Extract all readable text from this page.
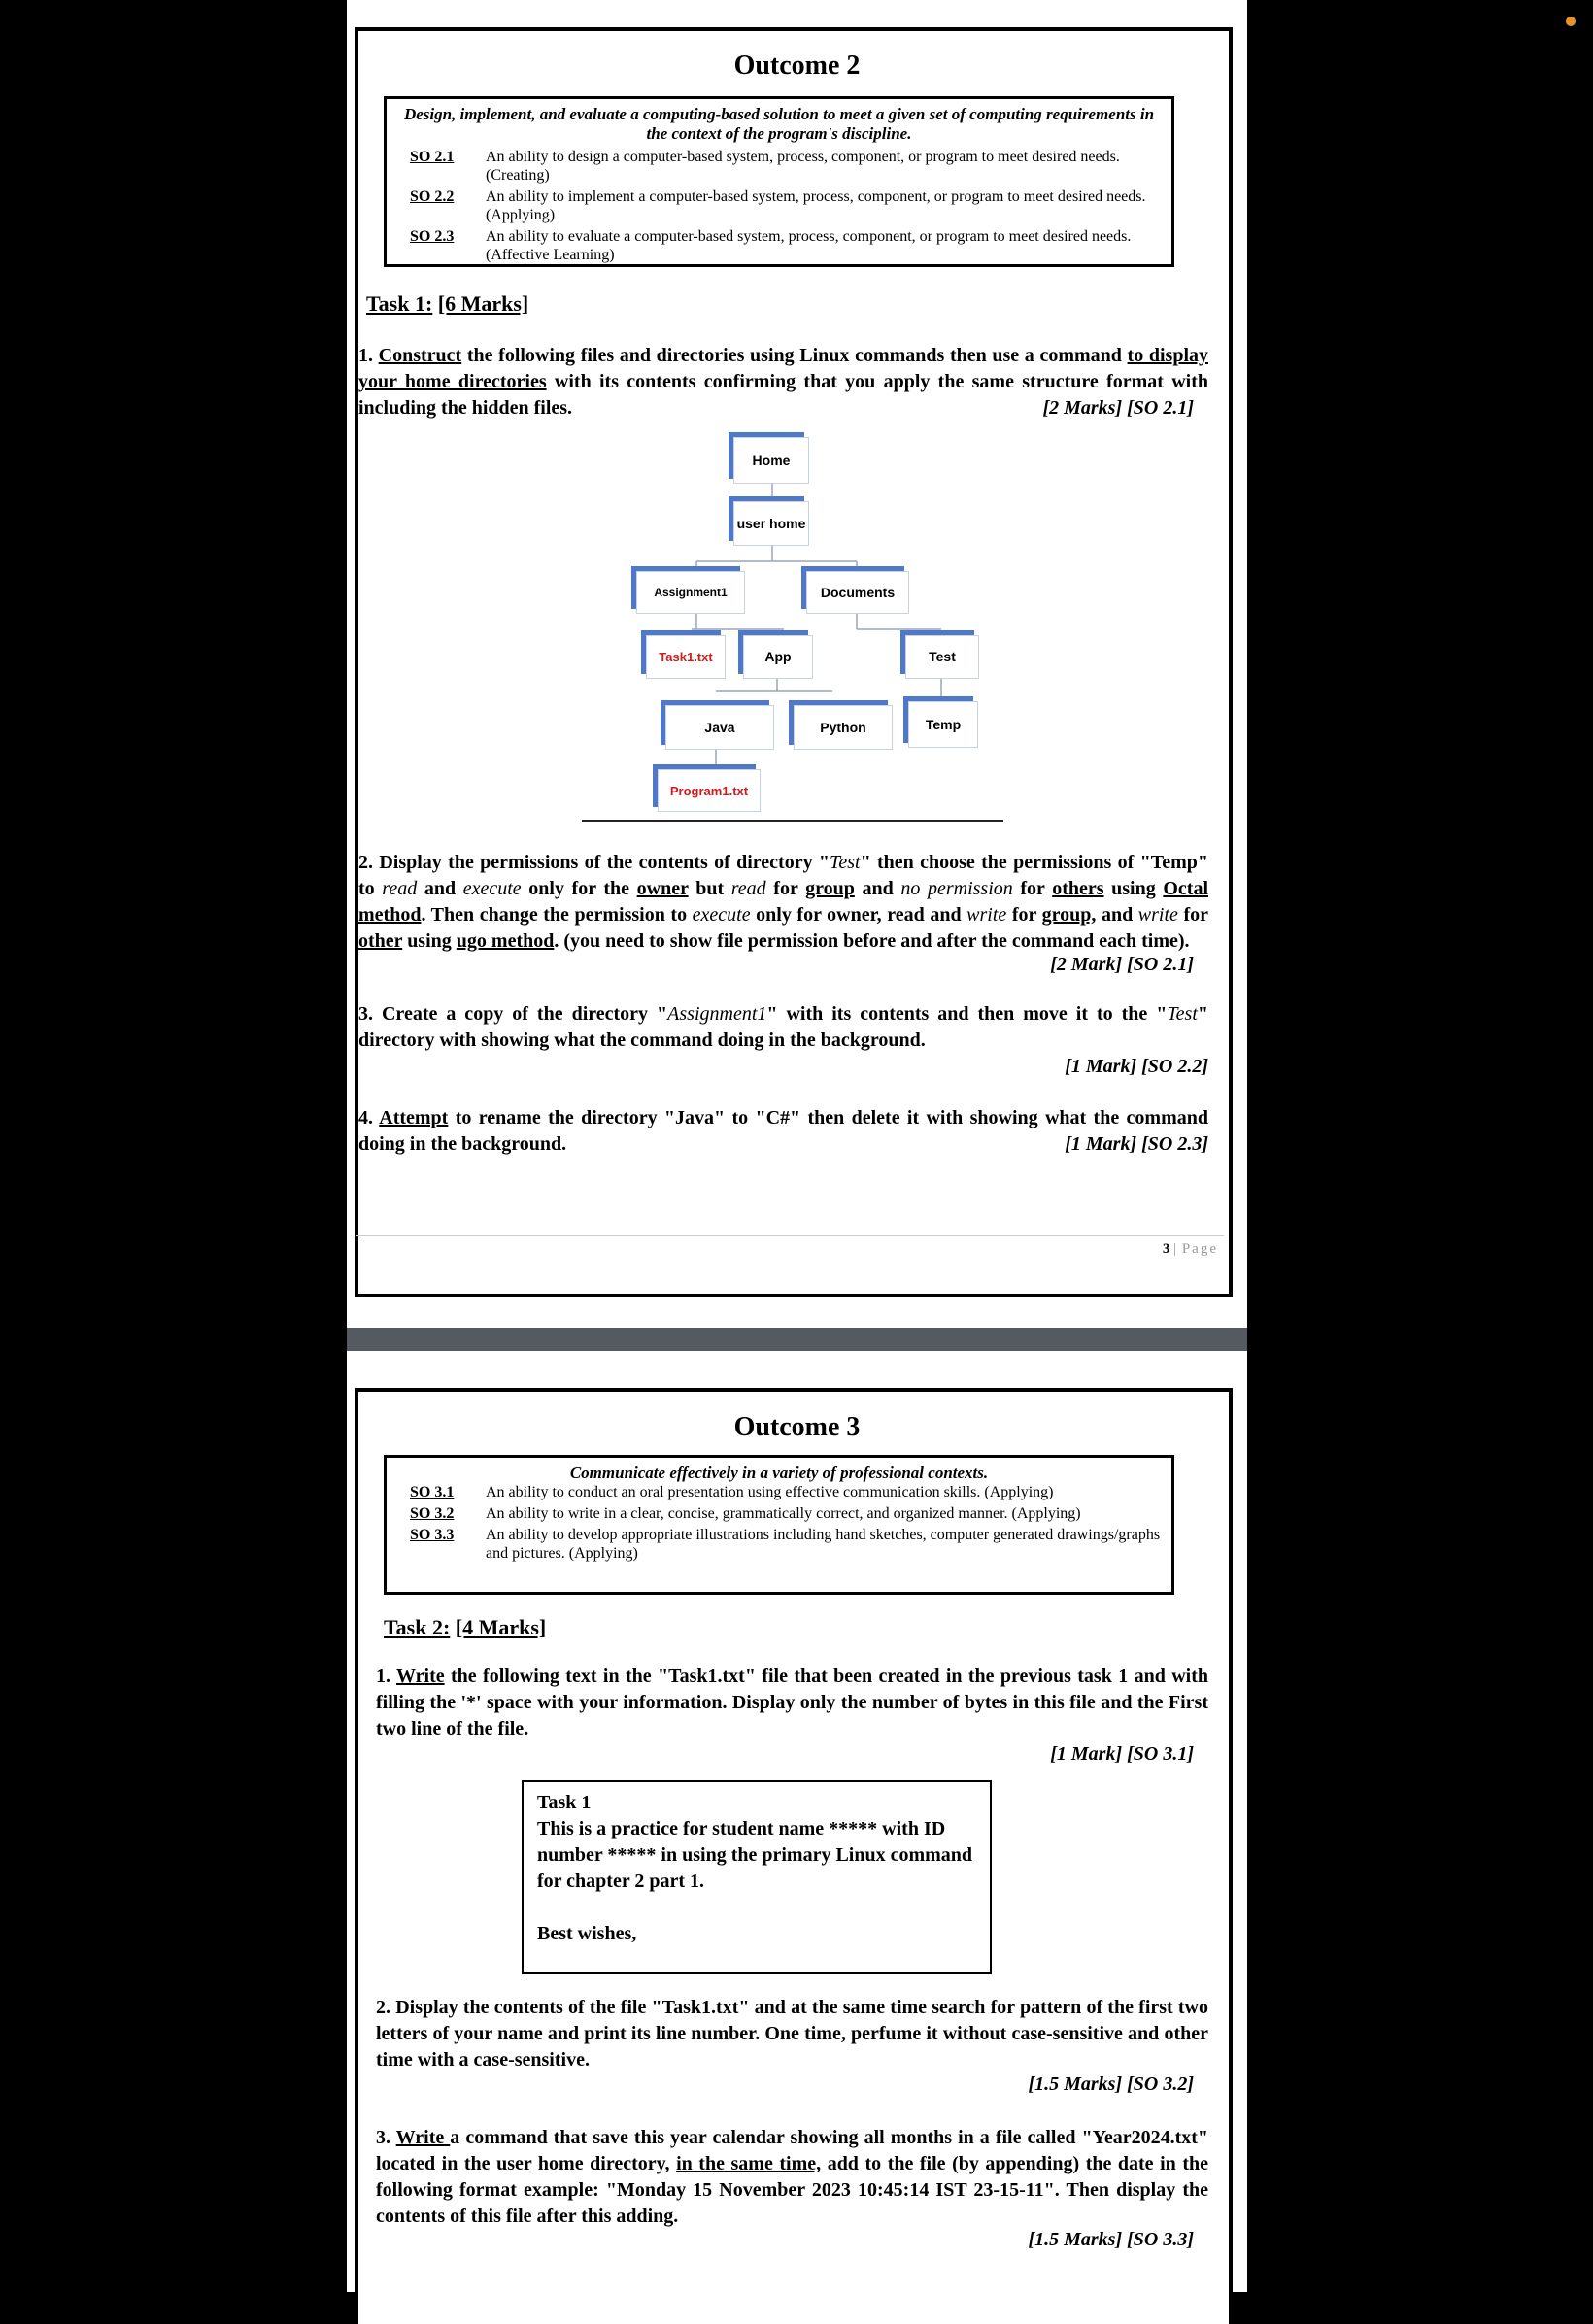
Outcome 2
Design, implement, and evaluate a computing-based solution to meet a given set of computing requirements in the context of the program's discipline.
SO 2.1	An ability to design a computer-based system, process, component, or program to meet desired needs. (Creating)
SO 2.2	An ability to implement a computer-based system, process, component, or program to meet desired needs. (Applying)
SO 2.3	An ability to evaluate a computer-based system, process, component, or program to meet desired needs. (Affective Learning)
Task 1: [6 Marks]
1. Construct the following files and directories using Linux commands then use a command to display your home directories with its contents confirming that you apply the same structure format with including the hidden files.	[2 Marks] [SO 2.1]
Home
user home
Assignment1	Documents
Task1.txt	App	Test
Java	Python	Temp
Program1.txt
2. Display the permissions of the contents of directory "Test" then choose the permissions of "Temp" to read and execute only for the owner but read for group and no permission for others using Octal method. Then change the permission to execute only for owner, read and write for group, and write for other using ugo method. (you need to show file permission before and after the command each time).
[2 Mark] [SO 2.1]
3. Create a copy of the directory "Assignment1" with its contents and then move it to the "Test" directory with showing what the command doing in the background.
[1 Mark] [SO 2.2]
4. Attempt to rename the directory "Java" to "C#" then delete it with showing what the command doing in the background.	[1 Mark] [SO 2.3]
3 | Page
Outcome 3
Communicate effectively in a variety of professional contexts.
SO 3.1	An ability to conduct an oral presentation using effective communication skills. (Applying)
SO 3.2	An ability to write in a clear, concise, grammatically correct, and organized manner. (Applying)
SO 3.3	An ability to develop appropriate illustrations including hand sketches, computer generated drawings/graphs and pictures. (Applying)
Task 2: [4 Marks]
1. Write the following text in the "Task1.txt" file that been created in the previous task 1 and with filling the '*' space with your information. Display only the number of bytes in this file and the First two line of the file.
[1 Mark] [SO 3.1]
Task 1
This is a practice for student name ***** with ID number ***** in using the primary Linux command for chapter 2 part 1.
Best wishes,
2. Display the contents of the file "Task1.txt" and at the same time search for pattern of the first two letters of your name and print its line number. One time, perfume it without case-sensitive and other time with a case-sensitive.
[1.5 Marks] [SO 3.2]
3. Write a command that save this year calendar showing all months in a file called "Year2024.txt" located in the user home directory, in the same time, add to the file (by appending) the date in the following format example: "Monday 15 November 2023 10:45:14 IST 23-15-11". Then display the contents of this file after this adding.
[1.5 Marks] [SO 3.3]
